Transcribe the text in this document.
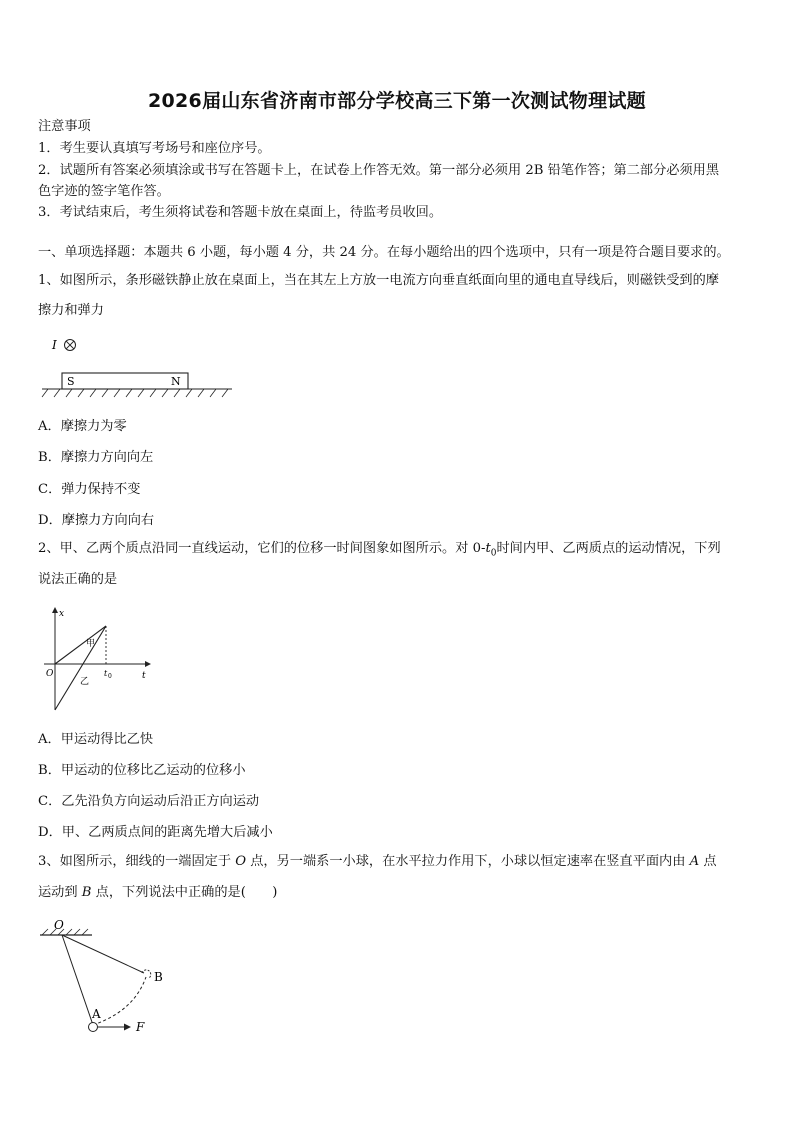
2026届山东省济南市部分学校高三下第一次测试物理试题
注意事项
1．考生要认真填写考场号和座位序号。
2．试题所有答案必须填涂或书写在答题卡上，在试卷上作答无效。第一部分必须用 2B 铅笔作答；第二部分必须用黑
色字迹的签字笔作答。
3．考试结束后，考生须将试卷和答题卡放在桌面上，待监考员收回。
一、单项选择题：本题共 6 小题，每小题 4 分，共 24 分。在每小题给出的四个选项中，只有一项是符合题目要求的。
1、如图所示，条形磁铁静止放在桌面上，当在其左上方放一电流方向垂直纸面向里的通电直导线后，则磁铁受到的摩
擦力和弹力
I
S	N
A．摩擦力为零
B．摩擦力方向向左
C．弹力保持不变
D．摩擦力方向向右
2、甲、乙两个质点沿同一直线运动，它们的位移一时间图象如图所示。对 $0-t_0$时间内甲、乙两质点的运动情况，下列
说法正确的是
x
t
O
甲
乙
t 0
A．甲运动得比乙快
B．甲运动的位移比乙运动的位移小
C．乙先沿负方向运动后沿正方向运动
D．甲、乙两质点间的距离先增大后减小
3、如图所示，细线的一端固定于 O 点，另一端系一小球，在水平拉力作用下，小球以恒定速率在竖直平面内由 A 点
运动到 B 点，下列说法中正确的是(　　)
O
A
B
F
